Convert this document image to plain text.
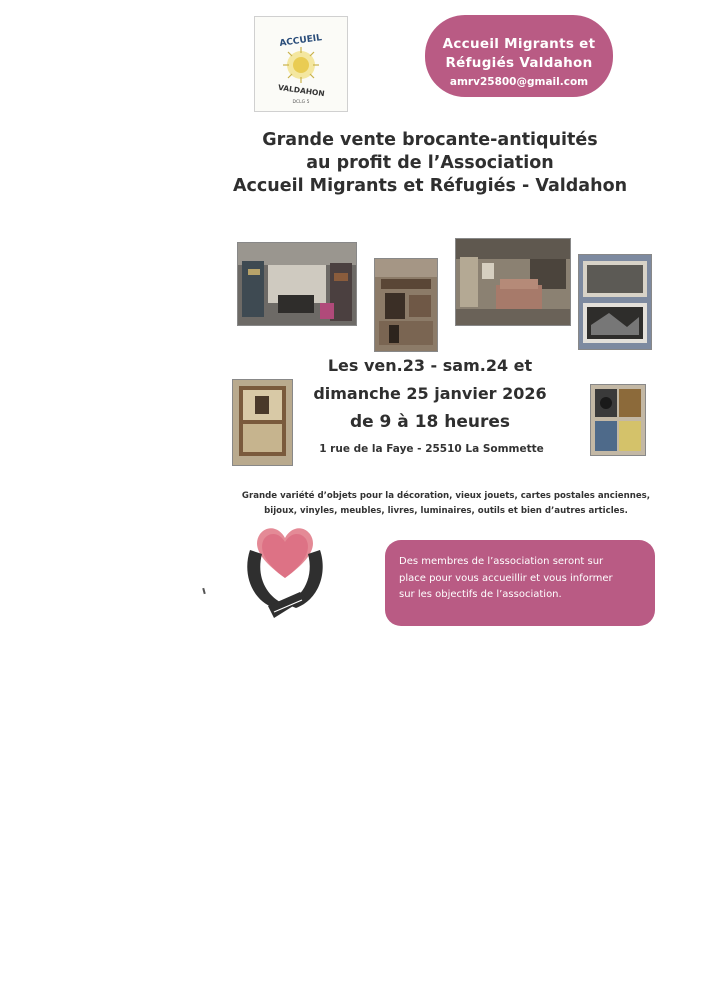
ACCUEIL
VALDAHON
DCLG 5
Accueil Migrants et
Réfugiés Valdahon
amrv25800@gmail.com
Grande vente brocante-antiquités
au profit de l’Association
Accueil Migrants et Réfugiés - Valdahon
Les ven.23 - sam.24 et
dimanche 25 janvier 2026
de 9 à 18 heures
1 rue de la Faye - 25510 La Sommette
Grande variété d’objets pour la décoration, vieux jouets, cartes postales anciennes,
bijoux, vinyles, meubles, livres, luminaires, outils et bien d’autres articles.
Des membres de l’association seront sur
place pour vous accueillir et vous informer
sur les objectifs de l’association.
